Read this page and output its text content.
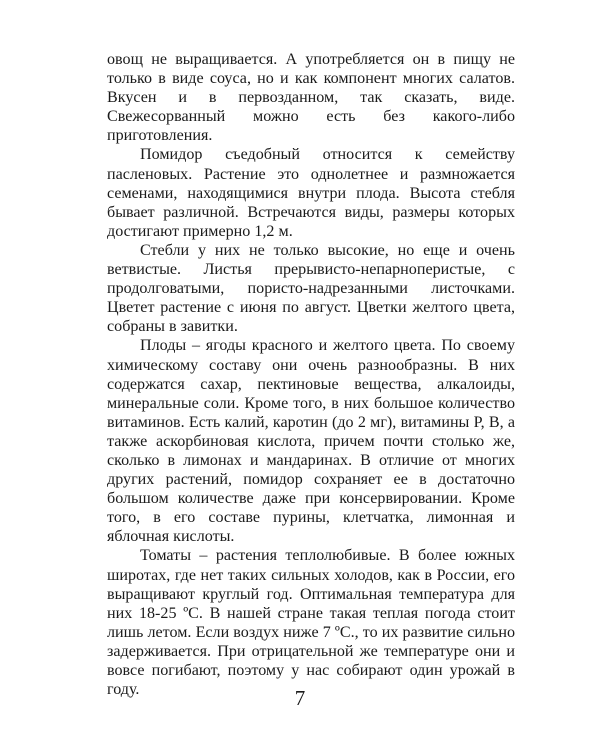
овощ не выращивается. А употребляется он в пищу не только в виде соуса, но и как компонент многих салатов. Вкусен и в первозданном, так сказать, виде.

Свежесорванный можно есть без какого-либо приготовления.

Помидор съедобный относится к семейству пасленовых. Растение это однолетнее и размножается семенами, находящимися внутри плода. Высота стебля бывает различной. Встречаются виды, размеры которых достигают примерно 1,2 м.

Стебли у них не только высокие, но еще и очень ветвистые. Листья прерывисто-непарноперистые, с продолговатыми, пористо-надрезанными листочками. Цветет растение с июня по август. Цветки желтого цвета, собраны в завитки.

Плоды – ягоды красного и желтого цвета. По своему химическому составу они очень разнообразны. В них содержатся сахар, пектиновые вещества, алкалоиды, минеральные соли. Кроме того, в них большое количество витаминов. Есть калий, каротин (до 2 мг), витамины Р, В, а также аскорбиновая кислота, причем почти столько же, сколько в лимонах и мандаринах. В отличие от многих других растений, помидор сохраняет ее в достаточно большом количестве даже при консервировании. Кроме того, в его составе пурины, клетчатка, лимонная и яблочная кислоты.

Томаты – растения теплолюбивые. В более южных широтах, где нет таких сильных холодов, как в России, его выращивают круглый год. Оптимальная температура для них 18-25 ºC. В нашей стране такая теплая погода стоит лишь летом. Если воздух ниже 7 ºC., то их развитие сильно задерживается. При отрицательной же температуре они и вовсе погибают, поэтому у нас собирают один урожай в году.	7
